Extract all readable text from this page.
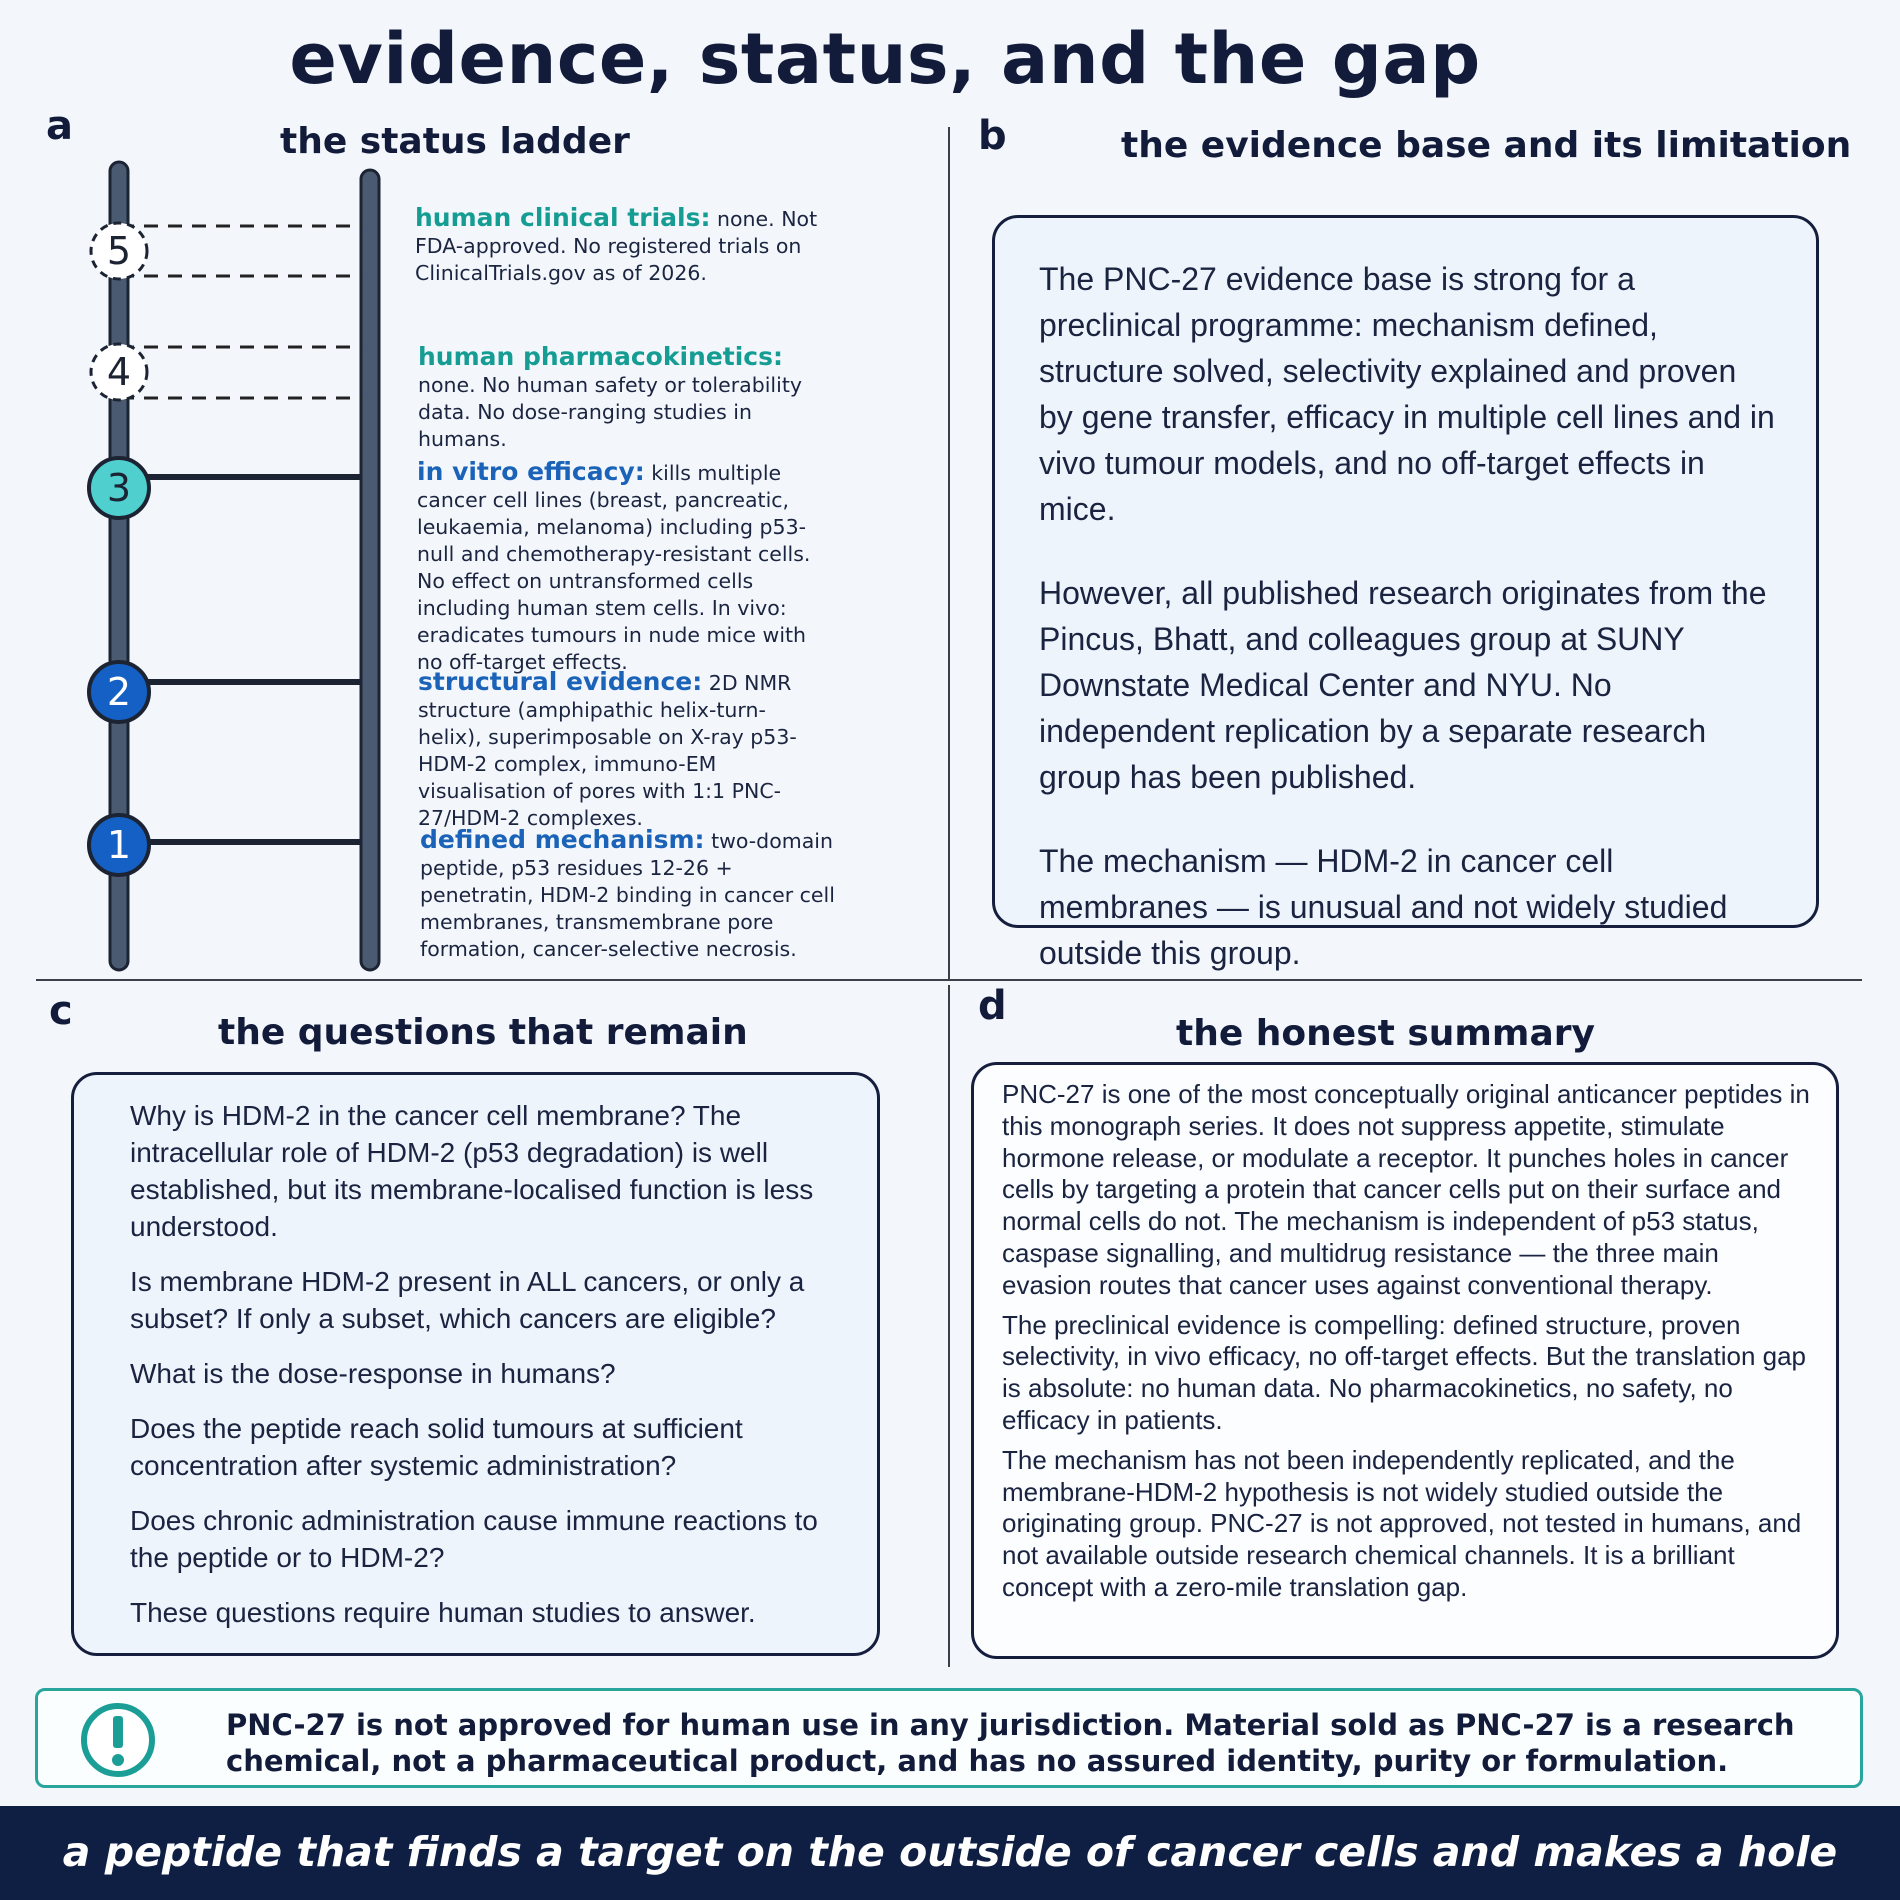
evidence, status, and the gap
a	the status ladder
5
4
3
2
1
human clinical trials: none. Not FDA-approved. No registered trials on ClinicalTrials.gov as of 2026.
human pharmacokinetics: none. No human safety or tolerability data. No dose-ranging studies in humans.
in vitro efficacy: kills multiple cancer cell lines (breast, pancreatic, leukaemia, melanoma) including p53-null and chemotherapy-resistant cells. No effect on untransformed cells including human stem cells. In vivo: eradicates tumours in nude mice with no off-target effects.
structural evidence: 2D NMR structure (amphipathic helix-turn-helix), superimposable on X-ray p53-HDM-2 complex, immuno-EM visualisation of pores with 1:1 PNC-27/HDM-2 complexes.
defined mechanism: two-domain peptide, p53 residues 12-26 + penetratin, HDM-2 binding in cancer cell membranes, transmembrane pore formation, cancer-selective necrosis.
b	the evidence base and its limitation

The PNC-27 evidence base is strong for a preclinical programme: mechanism defined, structure solved, selectivity explained and proven by gene transfer, efficacy in multiple cell lines and in vivo tumour models, and no off-target effects in mice.

However, all published research originates from the Pincus, Bhatt, and colleagues group at SUNY Downstate Medical Center and NYU. No independent replication by a separate research group has been published.

The mechanism — HDM-2 in cancer cell membranes — is unusual and not widely studied outside this group.

c	the questions that remain

Why is HDM-2 in the cancer cell membrane? The intracellular role of HDM-2 (p53 degradation) is well established, but its membrane-localised function is less understood.

Is membrane HDM-2 present in ALL cancers, or only a subset? If only a subset, which cancers are eligible?

What is the dose-response in humans?

Does the peptide reach solid tumours at sufficient concentration after systemic administration?

Does chronic administration cause immune reactions to the peptide or to HDM-2?

These questions require human studies to answer.

d
the honest summary

PNC-27 is one of the most conceptually original anticancer peptides in this monograph series. It does not suppress appetite, stimulate hormone release, or modulate a receptor. It punches holes in cancer cells by targeting a protein that cancer cells put on their surface and normal cells do not. The mechanism is independent of p53 status, caspase signalling, and multidrug resistance — the three main evasion routes that cancer uses against conventional therapy.

The preclinical evidence is compelling: defined structure, proven selectivity, in vivo efficacy, no off-target effects. But the translation gap is absolute: no human data. No pharmacokinetics, no safety, no efficacy in patients.

The mechanism has not been independently replicated, and the membrane-HDM-2 hypothesis is not widely studied outside the originating group. PNC-27 is not approved, not tested in humans, and not available outside research chemical channels. It is a brilliant concept with a zero-mile translation gap.

PNC-27 is not approved for human use in any jurisdiction. Material sold as PNC-27 is a research chemical, not a pharmaceutical product, and has no assured identity, purity or formulation.
a peptide that finds a target on the outside of cancer cells and makes a hole
